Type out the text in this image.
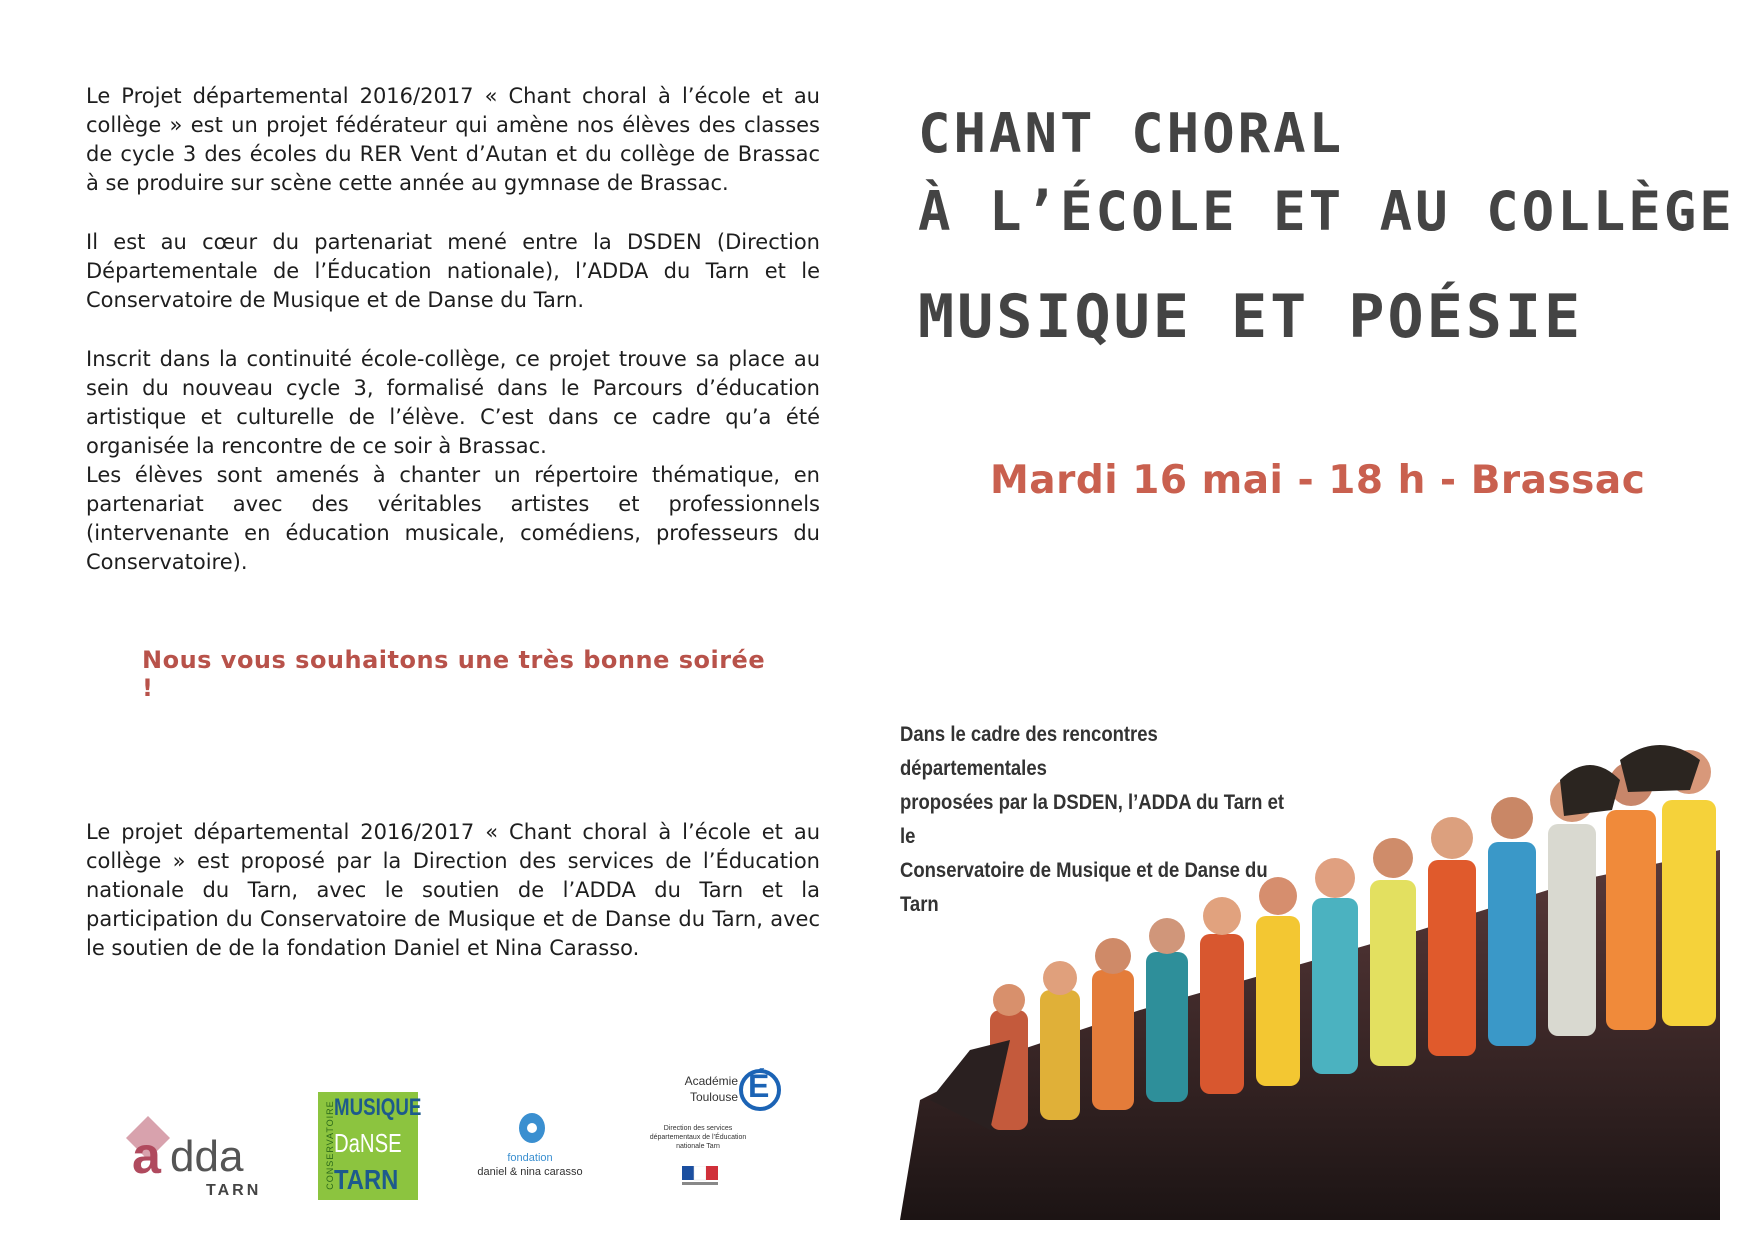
Le Projet départemental 2016/2017 « Chant choral à l’école et au collège » est un projet fédérateur qui amène nos élèves des classes de cycle 3 des écoles du RER Vent d’Autan et du collège de Brassac à se produire sur scène cette année au gymnase de Brassac.

Il est au cœur du partenariat mené entre la DSDEN (Direction Départementale de l’Éducation nationale), l’ADDA du Tarn et le Conservatoire de Musique et de Danse du Tarn.

Inscrit dans la continuité école-collège, ce projet trouve sa place au sein du nouveau cycle 3, formalisé dans le Parcours d’éducation artistique et culturelle de l’élève. C’est dans ce cadre qu’a été organisée la rencontre de ce soir à Brassac.

Les élèves sont amenés à chanter un répertoire thématique, en partenariat avec des véritables artistes et professionnels (intervenante en éducation musicale, comédiens, professeurs du Conservatoire).

Nous vous souhaitons une très bonne soirée !

Le projet départemental 2016/2017 « Chant choral à l’école et au collège » est proposé par la Direction des services de l’Éducation nationale du Tarn, avec le soutien de l’ADDA du Tarn et la participation du Conservatoire de Musique et de Danse du Tarn, avec le soutien de de la fondation Daniel et Nina Carasso.

a dda
TARN
CONSERVATOIRE MUSIQUE
DaNSE
TARN
fondation
daniel & nina carasso
Académie
Toulouse É
Direction des services départementaux de l’Éducation nationale Tarn
CHANT CHORAL
À L’ÉCOLE ET AU COLLÈGE
MUSIQUE ET POÉSIE

Mardi 16 mai - 18 h - Brassac

Dans le cadre des rencontres départementales
proposées par la DSDEN, l’ADDA du Tarn et le
Conservatoire de Musique et de Danse du Tarn
